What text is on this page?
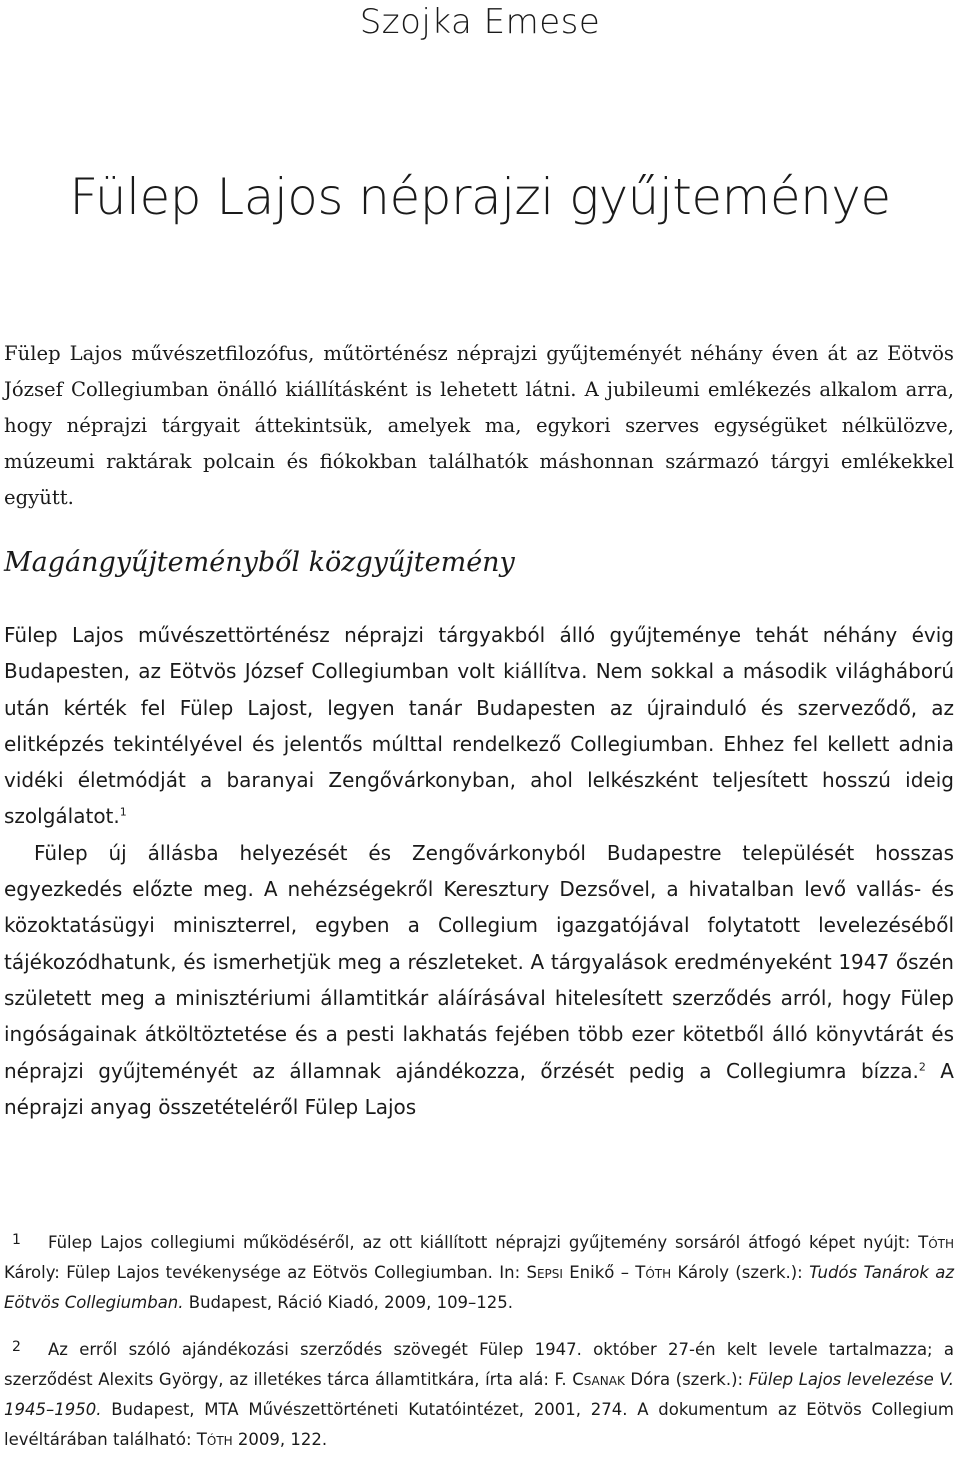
Szojka Emese
Fülep Lajos néprajzi gyűjteménye

Fülep Lajos művészetfilozófus, műtörténész néprajzi gyűjteményét néhány éven át az Eötvös József Collegiumban önálló kiállításként is lehetett látni. A jubileumi emlékezés alkalom arra, hogy néprajzi tárgyait áttekintsük, amelyek ma, egykori szerves egységüket nélkülözve, múzeumi raktárak polcain és fiókokban találhatók máshonnan származó tárgyi emlékekkel együtt.

Magángyűjteményből közgyűjtemény

Fülep Lajos művészettörténész néprajzi tárgyakból álló gyűjteménye tehát néhány évig Budapesten, az Eötvös József Collegiumban volt kiállítva. Nem sokkal a második világháború után kérték fel Fülep Lajost, legyen tanár Budapesten az újrainduló és szerveződő, az elitképzés tekintélyével és jelentős múlttal rendelkező Collegiumban. Ehhez fel kellett adnia vidéki életmódját a baranyai Zengővárkonyban, ahol lelkészként teljesített hosszú ideig szolgálatot.$^1$

Fülep új állásba helyezését és Zengővárkonyból Budapestre települését hosszas egyezkedés előzte meg. A nehézségekről Keresztury Dezsővel, a hivatalban levő vallás- és közoktatásügyi miniszterrel, egyben a Collegium igazgatójával folytatott levelezéséből tájékozódhatunk, és ismerhetjük meg a részleteket. A tárgyalások eredményeként 1947 őszén született meg a minisztériumi államtitkár aláírásával hitelesített szerződés arról, hogy Fülep ingóságainak átköltöztetése és a pesti lakhatás fejében több ezer kötetből álló könyvtárát és néprajzi gyűjteményét az államnak ajándékozza, őrzését pedig a Collegiumra bízza.$^2$ A néprajzi anyag összetételéről Fülep Lajos

1 Fülep Lajos collegiumi működéséről, az ott kiállított néprajzi gyűjtemény sorsáról átfogó képet nyújt: Tóth Károly: Fülep Lajos tevékenysége az Eötvös Collegiumban. In: Sepsi Enikő – Tóth Károly (szerk.): Tudós Tanárok az Eötvös Collegiumban. Budapest, Ráció Kiadó, 2009, 109–125.

2 Az erről szóló ajándékozási szerződés szövegét Fülep 1947. október 27-én kelt levele tartalmazza; a szerződést Alexits György, az illetékes tárca államtitkára, írta alá: F. Csanak Dóra (szerk.): Fülep Lajos levelezése V. 1945–1950. Budapest, MTA Művészettörténeti Kutatóintézet, 2001, 274. A dokumentum az Eötvös Collegium levéltárában található: Tóth 2009, 122.
